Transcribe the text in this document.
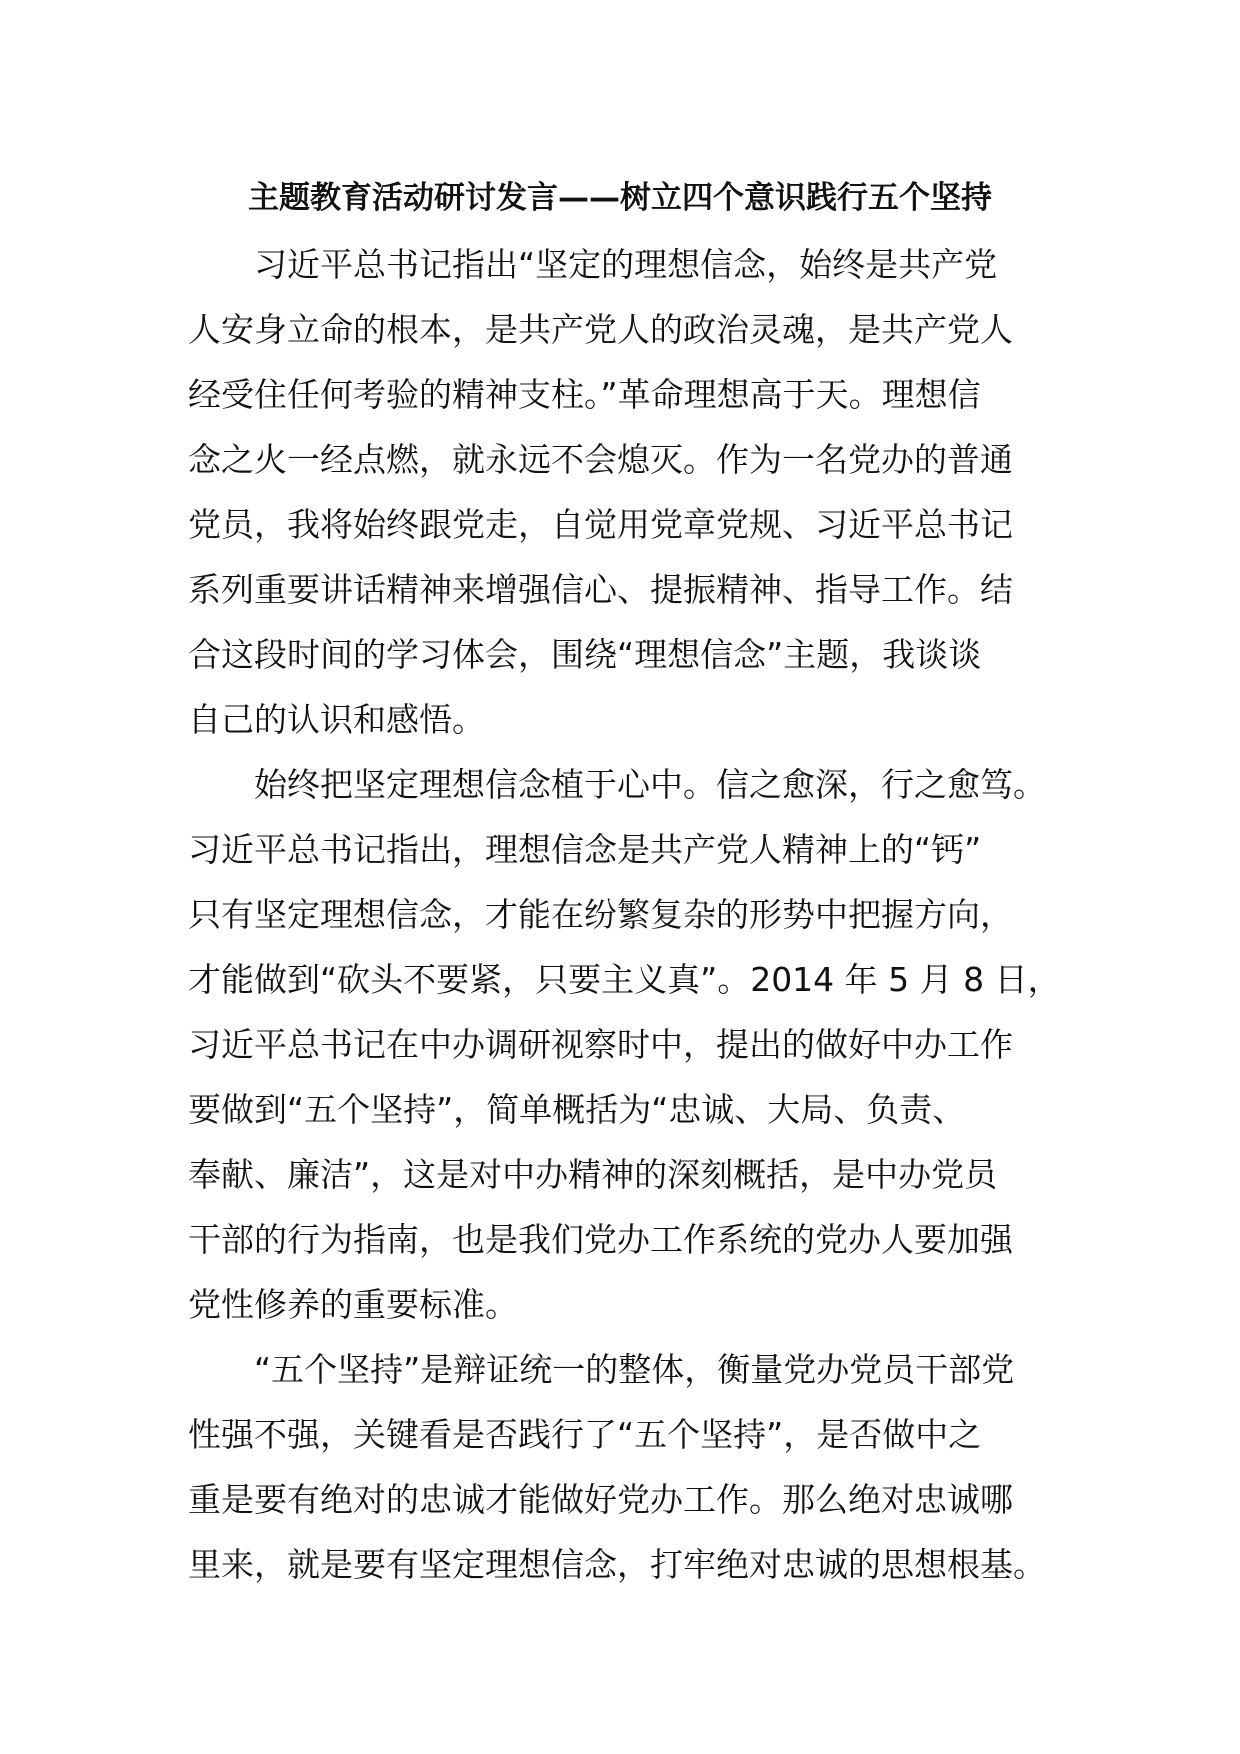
主题教育活动研讨发言——树立四个意识践行五个坚持
习近平总书记指出“坚定的理想信念，始终是共产党
人安身立命的根本，是共产党人的政治灵魂，是共产党人
经受住任何考验的精神支柱。”革命理想高于天。理想信
念之火一经点燃，就永远不会熄灭。作为一名党办的普通
党员，我将始终跟党走，自觉用党章党规、习近平总书记
系列重要讲话精神来增强信心、提振精神、指导工作。结
合这段时间的学习体会，围绕“理想信念”主题，我谈谈
自己的认识和感悟。
始终把坚定理想信念植于心中。信之愈深，行之愈笃。
习近平总书记指出，理想信念是共产党人精神上的“钙”
只有坚定理想信念，才能在纷繁复杂的形势中把握方向，
才能做到“砍头不要紧，只要主义真”。2014 年 5 月 8 日，
习近平总书记在中办调研视察时中，提出的做好中办工作
要做到“五个坚持”，简单概括为“忠诚、大局、负责、
奉献、廉洁”，这是对中办精神的深刻概括，是中办党员
干部的行为指南，也是我们党办工作系统的党办人要加强
党性修养的重要标准。
“五个坚持”是辩证统一的整体，衡量党办党员干部党
性强不强，关键看是否践行了“五个坚持”，是否做中之
重是要有绝对的忠诚才能做好党办工作。那么绝对忠诚哪
里来，就是要有坚定理想信念，打牢绝对忠诚的思想根基。
